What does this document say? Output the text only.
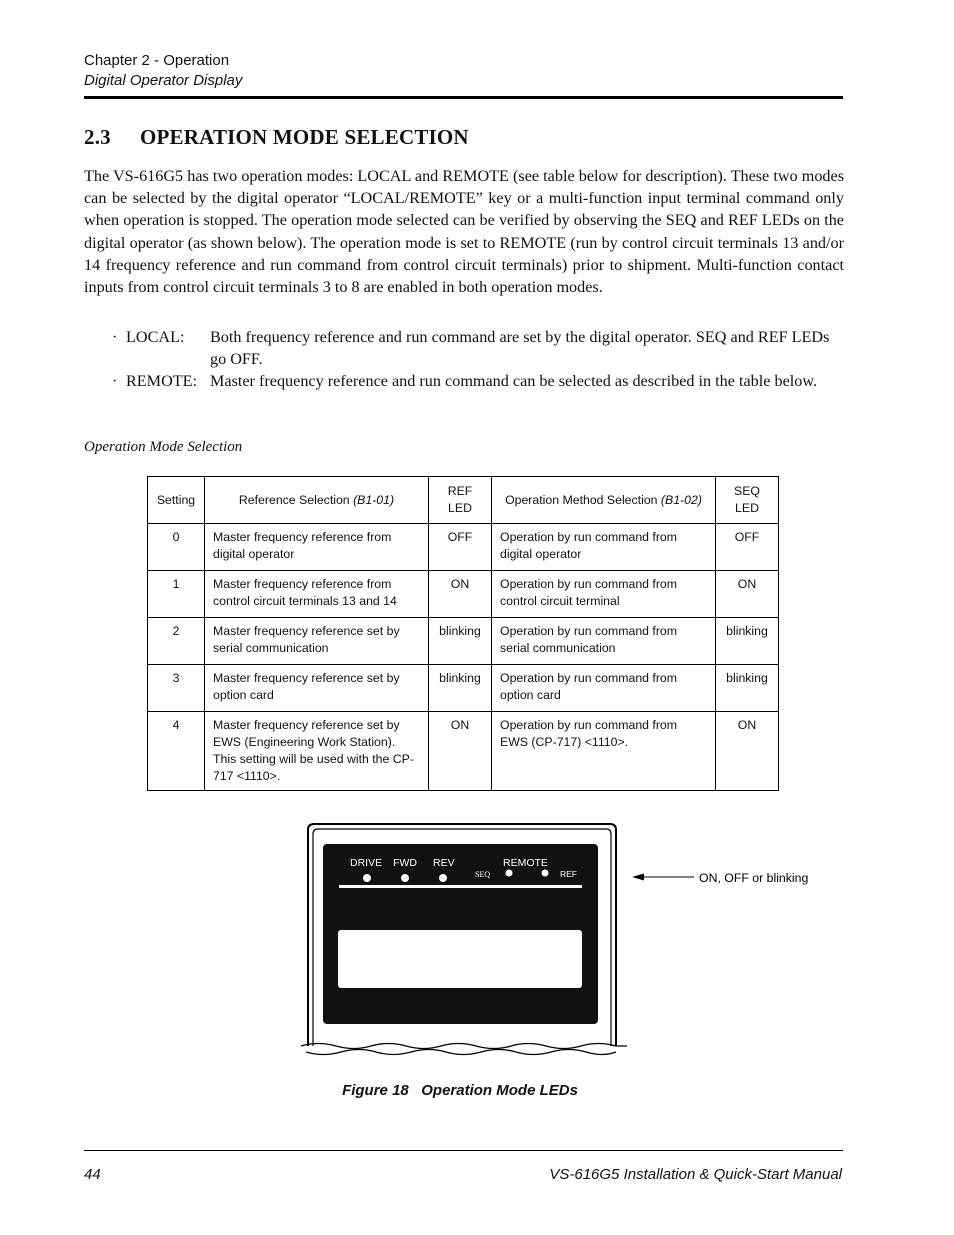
Chapter 2 - Operation
Digital Operator Display
2.3 OPERATION MODE SELECTION
The VS-616G5 has two operation modes: LOCAL and REMOTE (see table below for description). These two modes can be selected by the digital operator “LOCAL/REMOTE” key or a multi-function input terminal command only when operation is stopped. The operation mode selected can be verified by observing the SEQ and REF LEDs on the digital operator (as shown below). The operation mode is set to REMOTE (run by control circuit terminals 13 and/or 14 frequency reference and run command from control circuit terminals) prior to shipment. Multi-function contact inputs from control circuit terminals 3 to 8 are enabled in both operation modes.
· LOCAL: Both frequency reference and run command are set by the digital operator. SEQ and REF LEDs go OFF.
· REMOTE: Master frequency reference and run command can be selected as described in the table below.
Operation Mode Selection
Setting	Reference Selection (B1-01)	REF LED	Operation Method Selection (B1-02)	SEQ LED
0	Master frequency reference from digital operator	OFF	Operation by run command from digital operator	OFF
1	Master frequency reference from control circuit terminals 13 and 14	ON	Operation by run command from control circuit terminal	ON
2	Master frequency reference set by serial communication	blinking	Operation by run command from serial communication	blinking
3	Master frequency reference set by option card	blinking	Operation by run command from option card	blinking
4	Master frequency reference set by EWS (Engineering Work Station). This setting will be used with the CP-717 <1110>.	ON	Operation by run command from EWS (CP-717) <1110>.	ON
DRIVE FWD REV	REMOTE
SEQ	REF	ON, OFF or blinking
Figure 18   Operation Mode LEDs
44	VS-616G5 Installation & Quick-Start Manual
